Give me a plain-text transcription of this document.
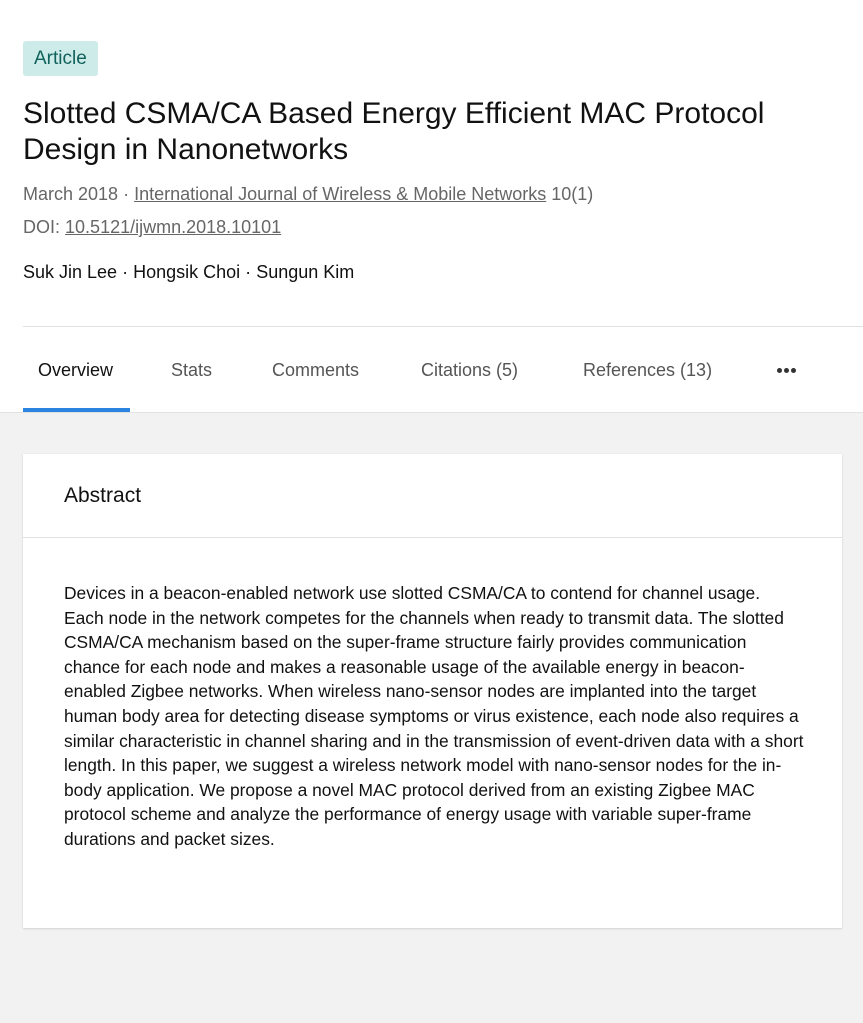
Article
Slotted CSMA/CA Based Energy Efficient MAC Protocol Design in Nanonetworks
March 2018 · International Journal of Wireless & Mobile Networks 10(1)
DOI: 10.5121/ijwmn.2018.10101
Suk Jin Lee · Hongsik Choi · Sungun Kim
Overview	Stats	Comments	Citations (5)	References (13)
Abstract

Devices in a beacon-enabled network use slotted CSMA/CA to contend for channel usage. Each node in the network competes for the channels when ready to transmit data. The slotted CSMA/CA mechanism based on the super-frame structure fairly provides communication chance for each node and makes a reasonable usage of the available energy in beacon-enabled Zigbee networks. When wireless nano-sensor nodes are implanted into the target human body area for detecting disease symptoms or virus existence, each node also requires a similar characteristic in channel sharing and in the transmission of event-driven data with a short length. In this paper, we suggest a wireless network model with nano-sensor nodes for the in-body application. We propose a novel MAC protocol derived from an existing Zigbee MAC protocol scheme and analyze the performance of energy usage with variable super-frame durations and packet sizes.
